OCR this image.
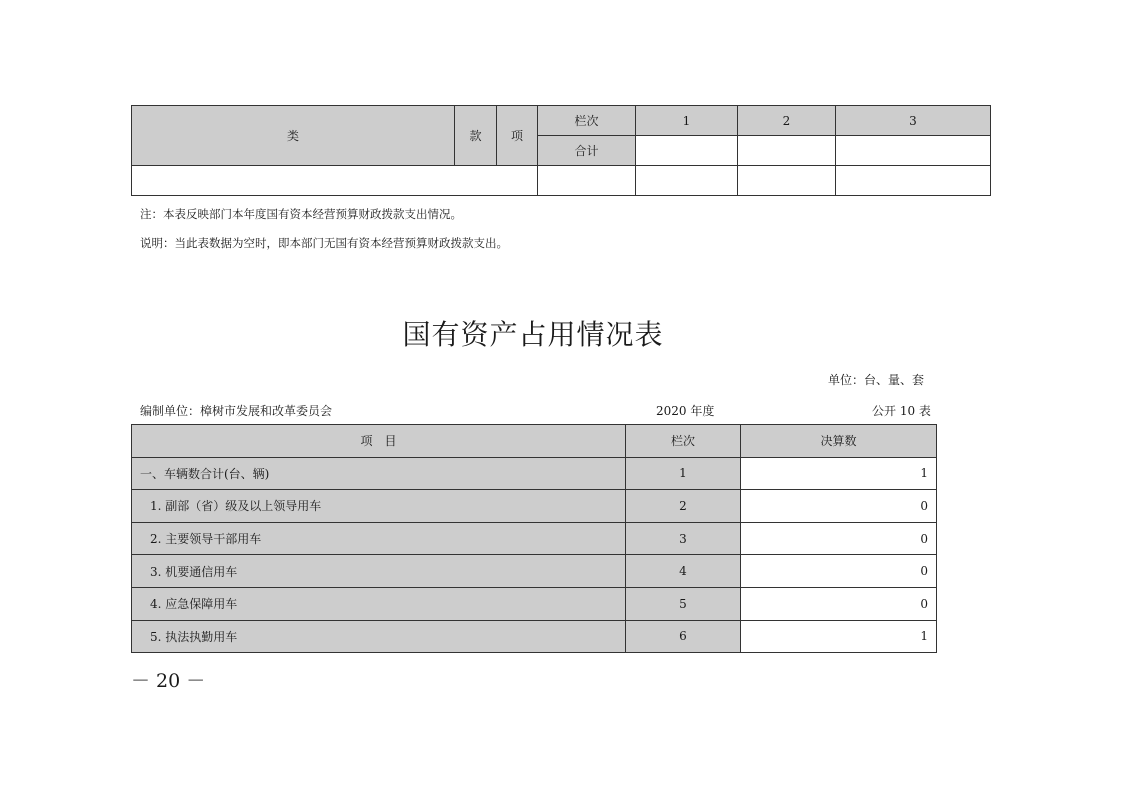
类	款	项	栏次	1	2	3
			合计			

注：本表反映部门本年度国有资本经营预算财政拨款支出情况。
说明：当此表数据为空时，即本部门无国有资本经营预算财政拨款支出。
国有资产占用情况表
单位：台、量、套
编制单位：樟树市发展和改革委员会	2020 年度	公开 10 表
项　目	栏次	决算数
一、车辆数合计(台、辆)	1	1
1. 副部（省）级及以上领导用车	2	0
2. 主要领导干部用车	3	0
3. 机要通信用车	4	0
4. 应急保障用车	5	0
5. 执法执勤用车	6	1
－ 20 －
